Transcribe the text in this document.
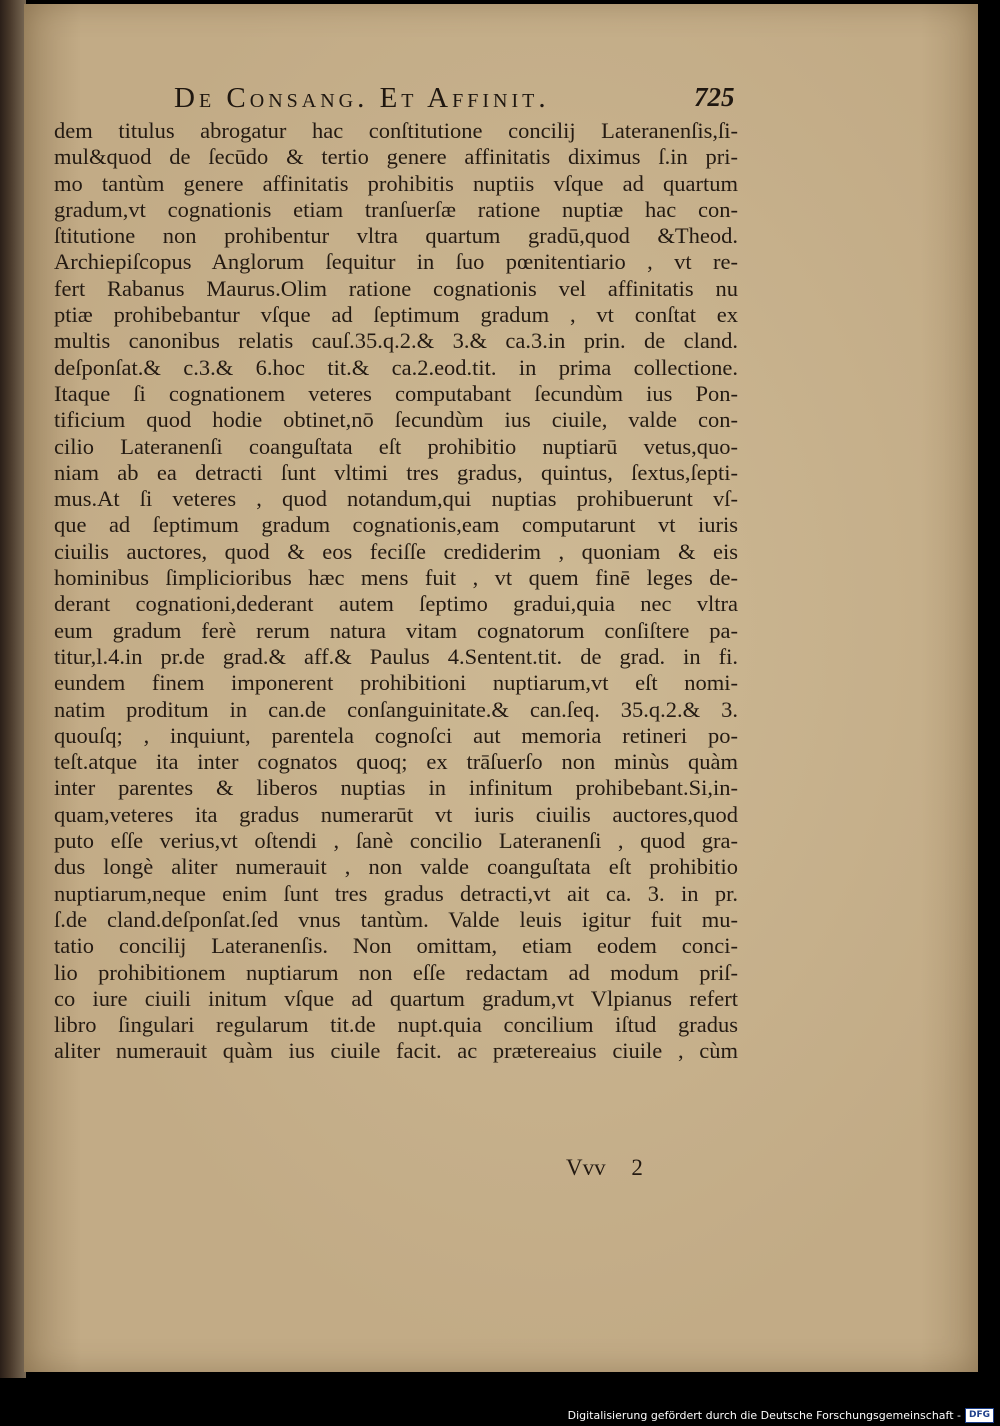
De Consang. Et Affinit.	725
dem titulus abrogatur hac conſtitutione concilij Lateranenſis,ſi-
mul&quod de ſecūdo & tertio genere affinitatis diximus ſ.in pri-
mo tantùm genere affinitatis prohibitis nuptiis vſque ad quartum
gradum,vt cognationis etiam tranſuerſæ ratione nuptiæ hac con-
ſtitutione non prohibentur vltra quartum gradū,quod &Theod.
Archiepiſcopus Anglorum ſequitur in ſuo pœnitentiario , vt re-
fert Rabanus Maurus.Olim ratione cognationis vel affinitatis nu
ptiæ prohibebantur vſque ad ſeptimum gradum , vt conſtat ex
multis canonibus relatis cauſ.35.q.2.& 3.& ca.3.in prin. de cland.
deſponſat.& c.3.& 6.hoc tit.& ca.2.eod.tit. in prima collectione.
Itaque ſi cognationem veteres computabant ſecundùm ius Pon-
tificium quod hodie obtinet,nō ſecundùm ius ciuile, valde con-
cilio Lateranenſi coanguſtata eſt prohibitio nuptiarū vetus,quo-
niam ab ea detracti ſunt vltimi tres gradus, quintus, ſextus,ſepti-
mus.At ſi veteres , quod notandum,qui nuptias prohibuerunt vſ-
que ad ſeptimum gradum cognationis,eam computarunt vt iuris
ciuilis auctores, quod & eos feciſſe crediderim , quoniam & eis
hominibus ſimplicioribus hæc mens fuit , vt quem finē leges de-
derant cognationi,dederant autem ſeptimo gradui,quia nec vltra
eum gradum ferè rerum natura vitam cognatorum conſiſtere pa-
titur,l.4.in pr.de grad.& aff.& Paulus 4.Sentent.tit. de grad. in fi.
eundem finem imponerent prohibitioni nuptiarum,vt eſt nomi-
natim proditum in can.de conſanguinitate.& can.ſeq. 35.q.2.& 3.
quouſq; , inquiunt, parentela cognoſci aut memoria retineri po-
teſt.atque ita inter cognatos quoq; ex trāſuerſo non minùs quàm
inter parentes & liberos nuptias in infinitum prohibebant.Si,in-
quam,veteres ita gradus numerarūt vt iuris ciuilis auctores,quod
puto eſſe verius,vt oſtendi , ſanè concilio Lateranenſi , quod gra-
dus longè aliter numerauit , non valde coanguſtata eſt prohibitio
nuptiarum,neque enim ſunt tres gradus detracti,vt ait ca. 3. in pr.
ſ.de cland.deſponſat.ſed vnus tantùm. Valde leuis igitur fuit mu-
tatio concilij Lateranenſis. Non omittam, etiam eodem conci-
lio prohibitionem nuptiarum non eſſe redactam ad modum priſ-
co iure ciuili initum vſque ad quartum gradum,vt Vlpianus refert
libro ſingulari regularum tit.de nupt.quia concilium iſtud gradus
aliter numerauit quàm ius ciuile facit. ac prætereaius ciuile , cùm
Vvv 2
Digitalisierung gefördert durch die Deutsche Forschungsgemeinschaft - DFG
